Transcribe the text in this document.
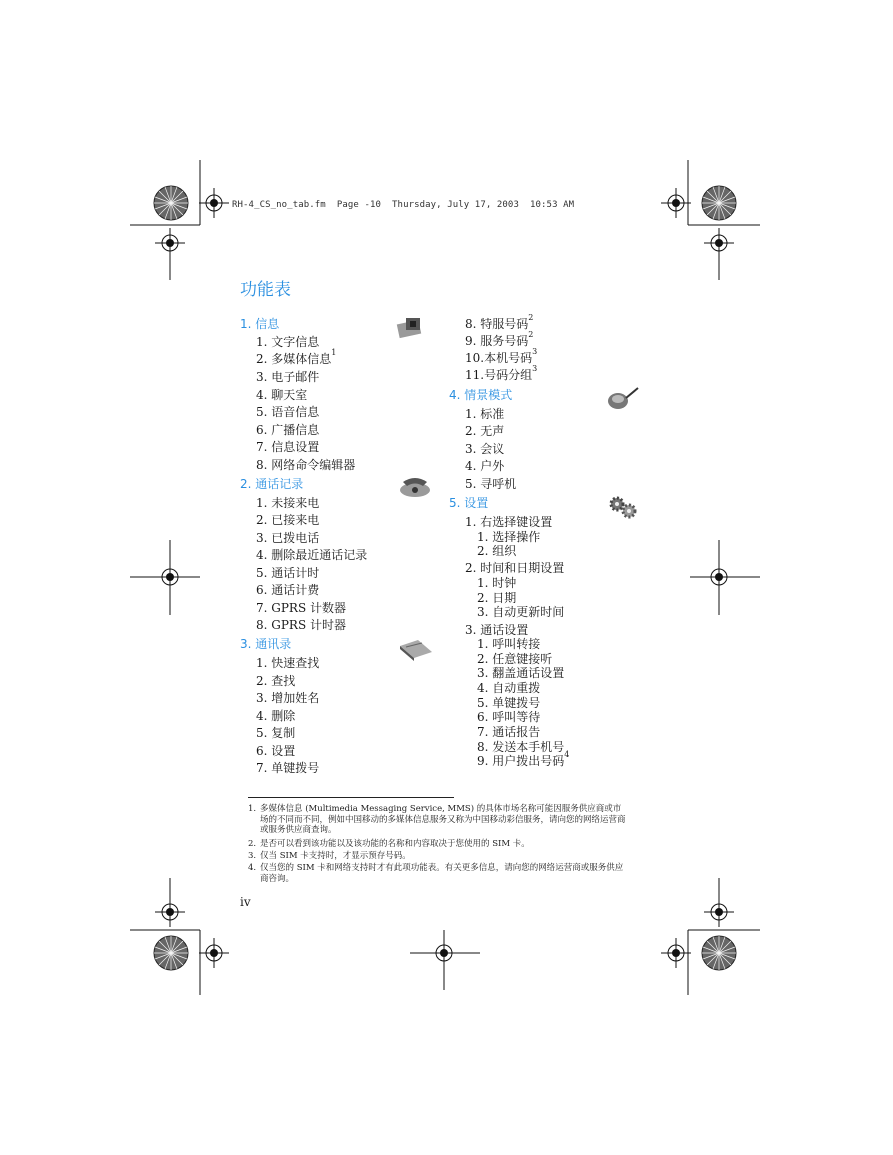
RH-4_CS_no_tab.fm  Page -10  Thursday, July 17, 2003  10:53 AM
功能表
1. 信息
1. 文字信息
2. 多媒体信息$^1$
3. 电子邮件
4. 聊天室
5. 语音信息
6. 广播信息
7. 信息设置
8. 网络命令编辑器
2. 通话记录
1. 未接来电
2. 已接来电
3. 已拨电话
4. 删除最近通话记录
5. 通话计时
6. 通话计费
7. GPRS 计数器
8. GPRS 计时器
3. 通讯录
1. 快速查找
2. 查找
3. 增加姓名
4. 删除
5. 复制
6. 设置
7. 单键拨号
8. 特服号码$^2$
9. 服务号码$^2$
10.本机号码$^3$
11.号码分组$^3$
4. 情景模式
1. 标准
2. 无声
3. 会议
4. 户外
5. 寻呼机
5. 设置
1. 右选择键设置
1. 选择操作
2. 组织
2. 时间和日期设置
1. 时钟
2. 日期
3. 自动更新时间
3. 通话设置
1. 呼叫转接
2. 任意键接听
3. 翻盖通话设置
4. 自动重拨
5. 单键拨号
6. 呼叫等待
7. 通话报告
8. 发送本手机号
9. 用户拨出号码$^4$
1. 多媒体信息 (Multimedia Messaging Service, MMS) 的具体市场名称可能因服务供应商或市场的不同而不同，例如中国移动的多媒体信息服务又称为中国移动彩信服务，请向您的网络运营商或服务供应商查询。
2. 是否可以看到该功能以及该功能的名称和内容取决于您使用的 SIM 卡。
3. 仅当 SIM 卡支持时，才显示预存号码。
4. 仅当您的 SIM 卡和网络支持时才有此项功能表。有关更多信息，请向您的网络运营商或服务供应商咨询。
iv
